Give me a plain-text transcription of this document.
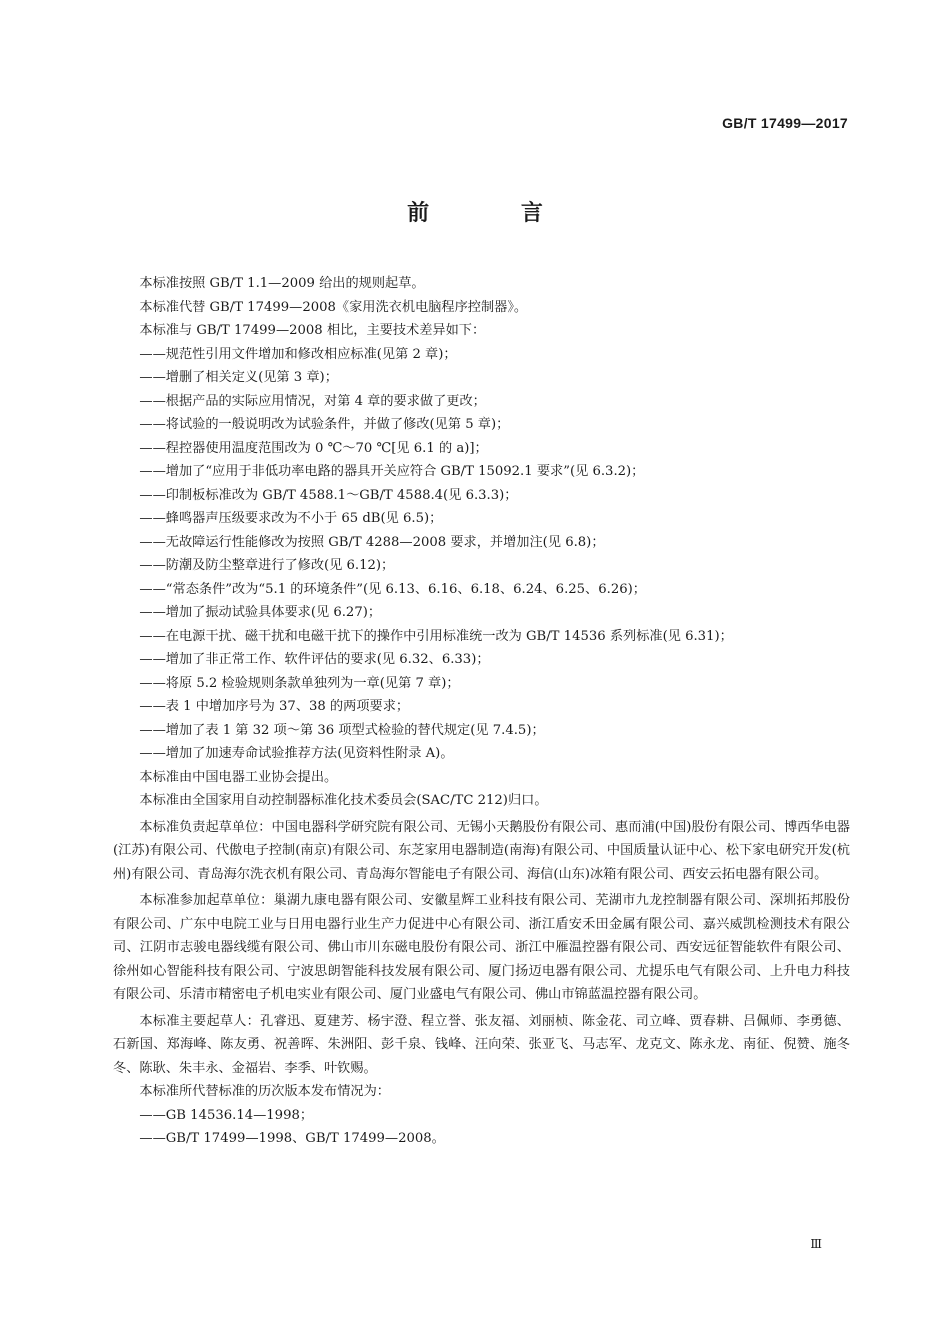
GB/T 17499—2017
前 言

本标准按照 GB/T 1.1—2009 给出的规则起草。

本标准代替 GB/T 17499—2008《家用洗衣机电脑程序控制器》。

本标准与 GB/T 17499—2008 相比，主要技术差异如下：

——规范性引用文件增加和修改相应标准(见第 2 章)；

——增删了相关定义(见第 3 章)；

——根据产品的实际应用情况，对第 4 章的要求做了更改；

——将试验的一般说明改为试验条件，并做了修改(见第 5 章)；

——程控器使用温度范围改为 0 ℃～70 ℃[见 6.1 的 a)]；

——增加了“应用于非低功率电路的器具开关应符合 GB/T 15092.1 要求”(见 6.3.2)；

——印制板标准改为 GB/T 4588.1～GB/T 4588.4(见 6.3.3)；

——蜂鸣器声压级要求改为不小于 65 dB(见 6.5)；

——无故障运行性能修改为按照 GB/T 4288—2008 要求，并增加注(见 6.8)；

——防潮及防尘整章进行了修改(见 6.12)；

——“常态条件”改为“5.1 的环境条件”(见 6.13、6.16、6.18、6.24、6.25、6.26)；

——增加了振动试验具体要求(见 6.27)；

——在电源干扰、磁干扰和电磁干扰下的操作中引用标准统一改为 GB/T 14536 系列标准(见 6.31)；

——增加了非正常工作、软件评估的要求(见 6.32、6.33)；

——将原 5.2 检验规则条款单独列为一章(见第 7 章)；

——表 1 中增加序号为 37、38 的两项要求；

——增加了表 1 第 32 项～第 36 项型式检验的替代规定(见 7.4.5)；

——增加了加速寿命试验推荐方法(见资料性附录 A)。

本标准由中国电器工业协会提出。

本标准由全国家用自动控制器标准化技术委员会(SAC/TC 212)归口。

本标准负责起草单位：中国电器科学研究院有限公司、无锡小天鹅股份有限公司、惠而浦(中国)股份有限公司、博西华电器(江苏)有限公司、代傲电子控制(南京)有限公司、东芝家用电器制造(南海)有限公司、中国质量认证中心、松下家电研究开发(杭州)有限公司、青岛海尔洗衣机有限公司、青岛海尔智能电子有限公司、海信(山东)冰箱有限公司、西安云拓电器有限公司。

本标准参加起草单位：巢湖九康电器有限公司、安徽星辉工业科技有限公司、芜湖市九龙控制器有限公司、深圳拓邦股份有限公司、广东中电院工业与日用电器行业生产力促进中心有限公司、浙江盾安禾田金属有限公司、嘉兴威凯检测技术有限公司、江阴市志骏电器线缆有限公司、佛山市川东磁电股份有限公司、浙江中雁温控器有限公司、西安远征智能软件有限公司、徐州如心智能科技有限公司、宁波思朗智能科技发展有限公司、厦门扬迈电器有限公司、尤提乐电气有限公司、上升电力科技有限公司、乐清市精密电子机电实业有限公司、厦门业盛电气有限公司、佛山市锦蓝温控器有限公司。

本标准主要起草人：孔睿迅、夏建芳、杨宇澄、程立誉、张友福、刘丽桢、陈金花、司立峰、贾春耕、吕佩师、李勇德、石新国、郑海峰、陈友勇、祝善晖、朱洲阳、彭千泉、钱峰、汪向荣、张亚飞、马志军、龙克文、陈永龙、南征、倪赞、施冬冬、陈耿、朱丰永、金福岩、李季、叶钦赐。

本标准所代替标准的历次版本发布情况为：

——GB 14536.14—1998；

——GB/T 17499—1998、GB/T 17499—2008。

Ⅲ
